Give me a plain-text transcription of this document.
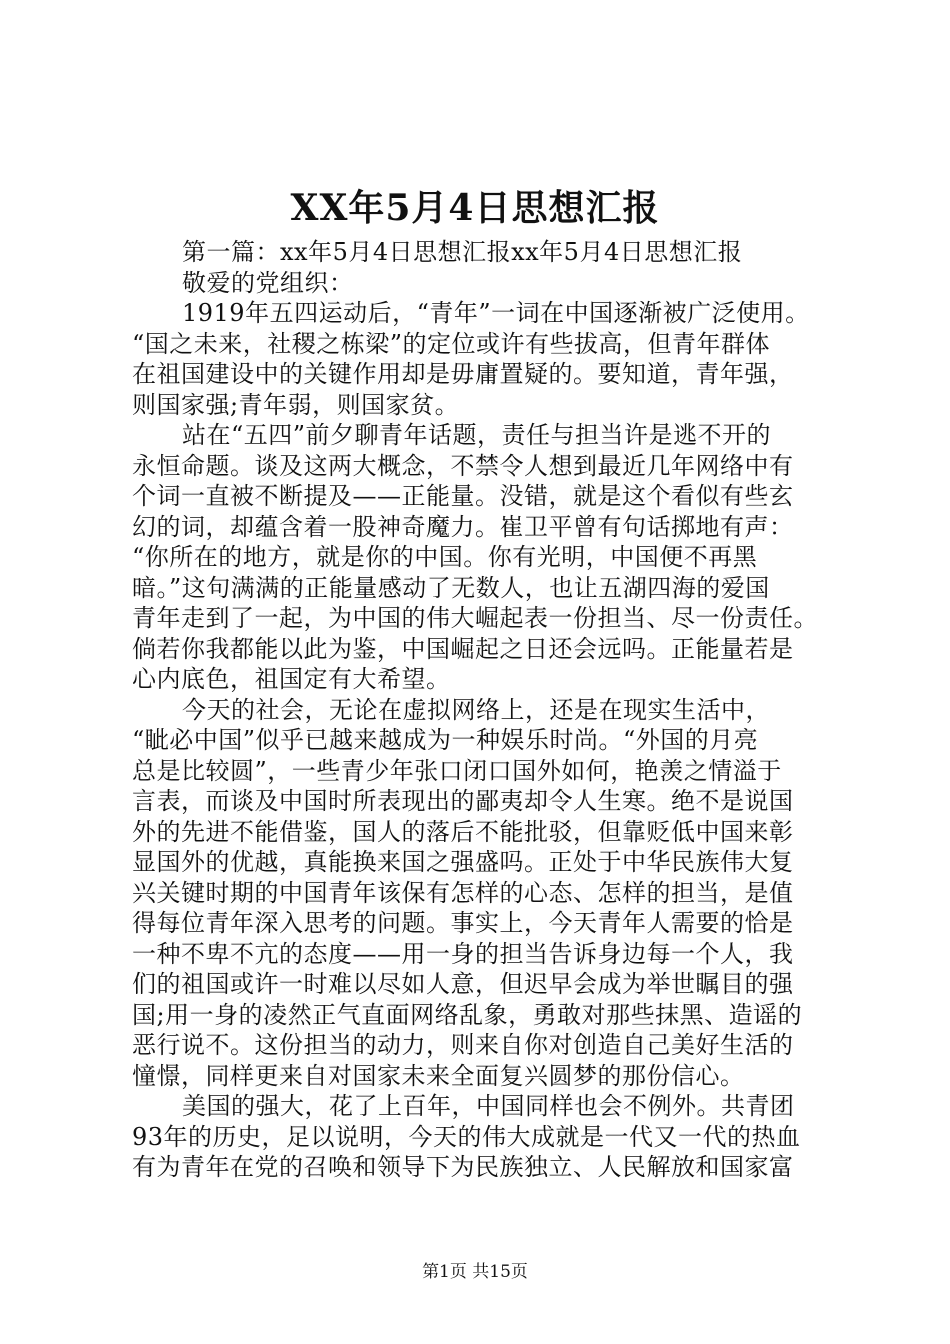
XX年5月4日思想汇报
第一篇：xx年5月4日思想汇报xx年5月4日思想汇报
敬爱的党组织：
1919年五四运动后，“青年”一词在中国逐渐被广泛使用。
“国之未来，社稷之栋梁”的定位或许有些拔高，但青年群体
在祖国建设中的关键作用却是毋庸置疑的。要知道，青年强，
则国家强;青年弱，则国家贫。
站在“五四”前夕聊青年话题，责任与担当许是逃不开的
永恒命题。谈及这两大概念，不禁令人想到最近几年网络中有
个词一直被不断提及——正能量。没错，就是这个看似有些玄
幻的词，却蕴含着一股神奇魔力。崔卫平曾有句话掷地有声：
“你所在的地方，就是你的中国。你有光明，中国便不再黑
暗。”这句满满的正能量感动了无数人，也让五湖四海的爱国
青年走到了一起，为中国的伟大崛起表一份担当、尽一份责任。
倘若你我都能以此为鉴，中国崛起之日还会远吗。正能量若是
心内底色，祖国定有大希望。
今天的社会，无论在虚拟网络上，还是在现实生活中，
“眦必中国”似乎已越来越成为一种娱乐时尚。“外国的月亮
总是比较圆”，一些青少年张口闭口国外如何，艳羡之情溢于
言表，而谈及中国时所表现出的鄙夷却令人生寒。绝不是说国
外的先进不能借鉴，国人的落后不能批驳，但靠贬低中国来彰
显国外的优越，真能换来国之强盛吗。正处于中华民族伟大复
兴关键时期的中国青年该保有怎样的心态、怎样的担当，是值
得每位青年深入思考的问题。事实上，今天青年人需要的恰是
一种不卑不亢的态度——用一身的担当告诉身边每一个人，我
们的祖国或许一时难以尽如人意，但迟早会成为举世瞩目的强
国;用一身的凌然正气直面网络乱象，勇敢对那些抹黑、造谣的
恶行说不。这份担当的动力，则来自你对创造自己美好生活的
憧憬，同样更来自对国家未来全面复兴圆梦的那份信心。
美国的强大，花了上百年，中国同样也会不例外。共青团
93年的历史，足以说明，今天的伟大成就是一代又一代的热血
有为青年在党的召唤和领导下为民族独立、人民解放和国家富
第1页 共15页
